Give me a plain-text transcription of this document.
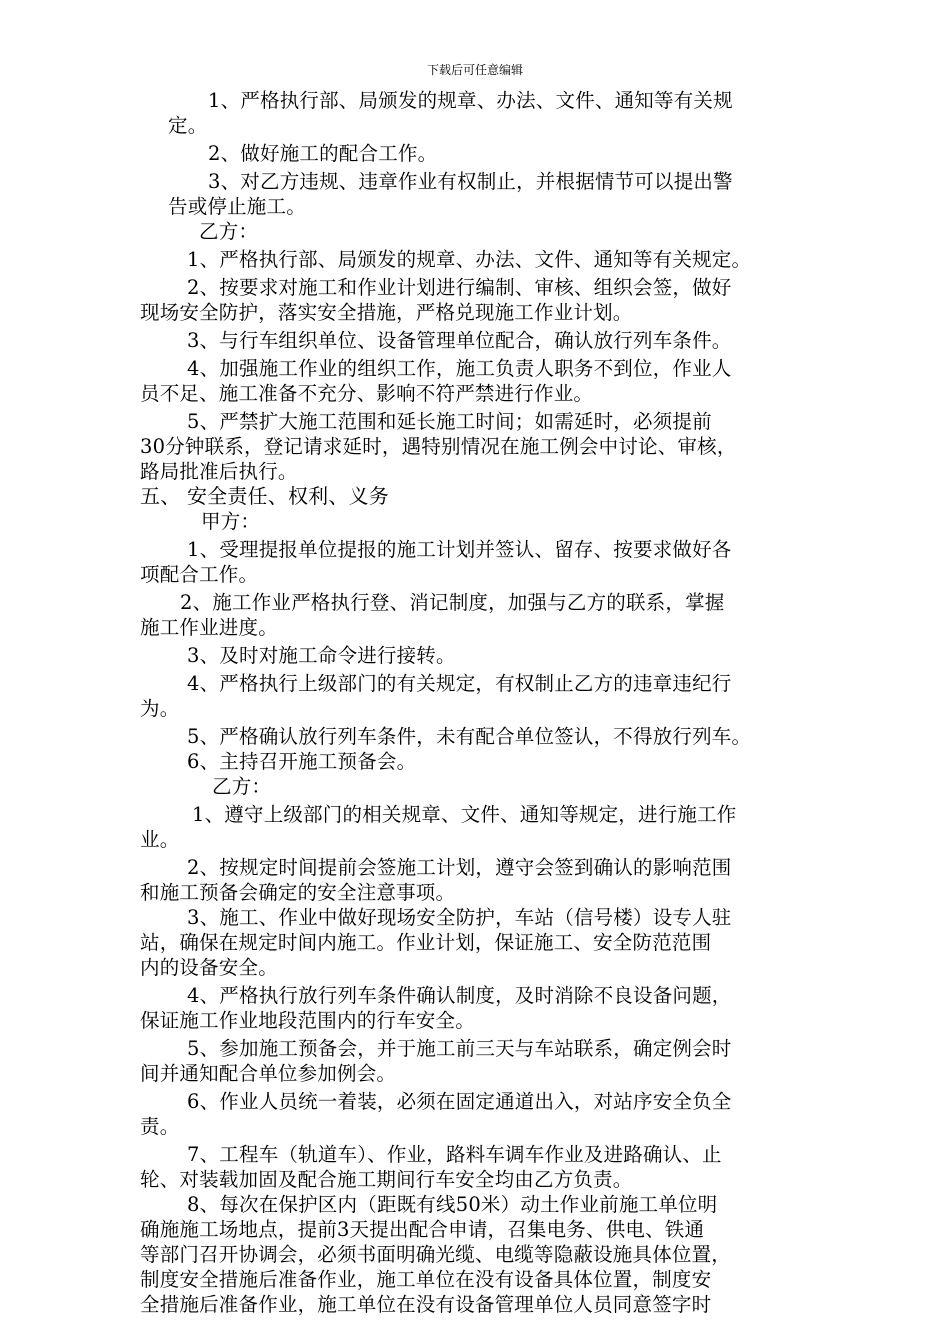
下载后可任意编辑
1、严格执行部、局颁发的规章、办法、文件、通知等有关规
定。
2、做好施工的配合工作。
3、对乙方违规、违章作业有权制止，并根据情节可以提出警
告或停止施工。
乙方：
1、严格执行部、局颁发的规章、办法、文件、通知等有关规定。
2、按要求对施工和作业计划进行编制、审核、组织会签，做好
现场安全防护，落实安全措施，严格兑现施工作业计划。
3、与行车组织单位、设备管理单位配合，确认放行列车条件。
4、加强施工作业的组织工作，施工负责人职务不到位，作业人
员不足、施工准备不充分、影响不符严禁进行作业。
5、严禁扩大施工范围和延长施工时间；如需延时，必须提前
30分钟联系，登记请求延时，遇特别情况在施工例会中讨论、审核，
路局批准后执行。
五、 安全责任、权利、义务
甲方：
1、受理提报单位提报的施工计划并签认、留存、按要求做好各
项配合工作。
2、施工作业严格执行登、消记制度，加强与乙方的联系，掌握
施工作业进度。
3、及时对施工命令进行接转。
4、严格执行上级部门的有关规定，有权制止乙方的违章违纪行
为。
5、严格确认放行列车条件，未有配合单位签认，不得放行列车。
6、主持召开施工预备会。
乙方：
1、遵守上级部门的相关规章、文件、通知等规定，进行施工作
业。
2、按规定时间提前会签施工计划，遵守会签到确认的影响范围
和施工预备会确定的安全注意事项。
3、施工、作业中做好现场安全防护，车站（信号楼）设专人驻
站，确保在规定时间内施工。作业计划，保证施工、安全防范范围
内的设备安全。
4、严格执行放行列车条件确认制度，及时消除不良设备问题，
保证施工作业地段范围内的行车安全。
5、参加施工预备会，并于施工前三天与车站联系，确定例会时
间并通知配合单位参加例会。
6、作业人员统一着装，必须在固定通道出入，对站序安全负全
责。
7、工程车（轨道车）、作业，路料车调车作业及进路确认、止
轮、对装载加固及配合施工期间行车安全均由乙方负责。
8、每次在保护区内（距既有线50米）动土作业前施工单位明
确施施工场地点，提前3天提出配合申请，召集电务、供电、铁通
等部门召开协调会，必须书面明确光缆、电缆等隐蔽设施具体位置，
制度安全措施后准备作业，施工单位在没有设备具体位置，制度安
全措施后准备作业，施工单位在没有设备管理单位人员同意签字时
